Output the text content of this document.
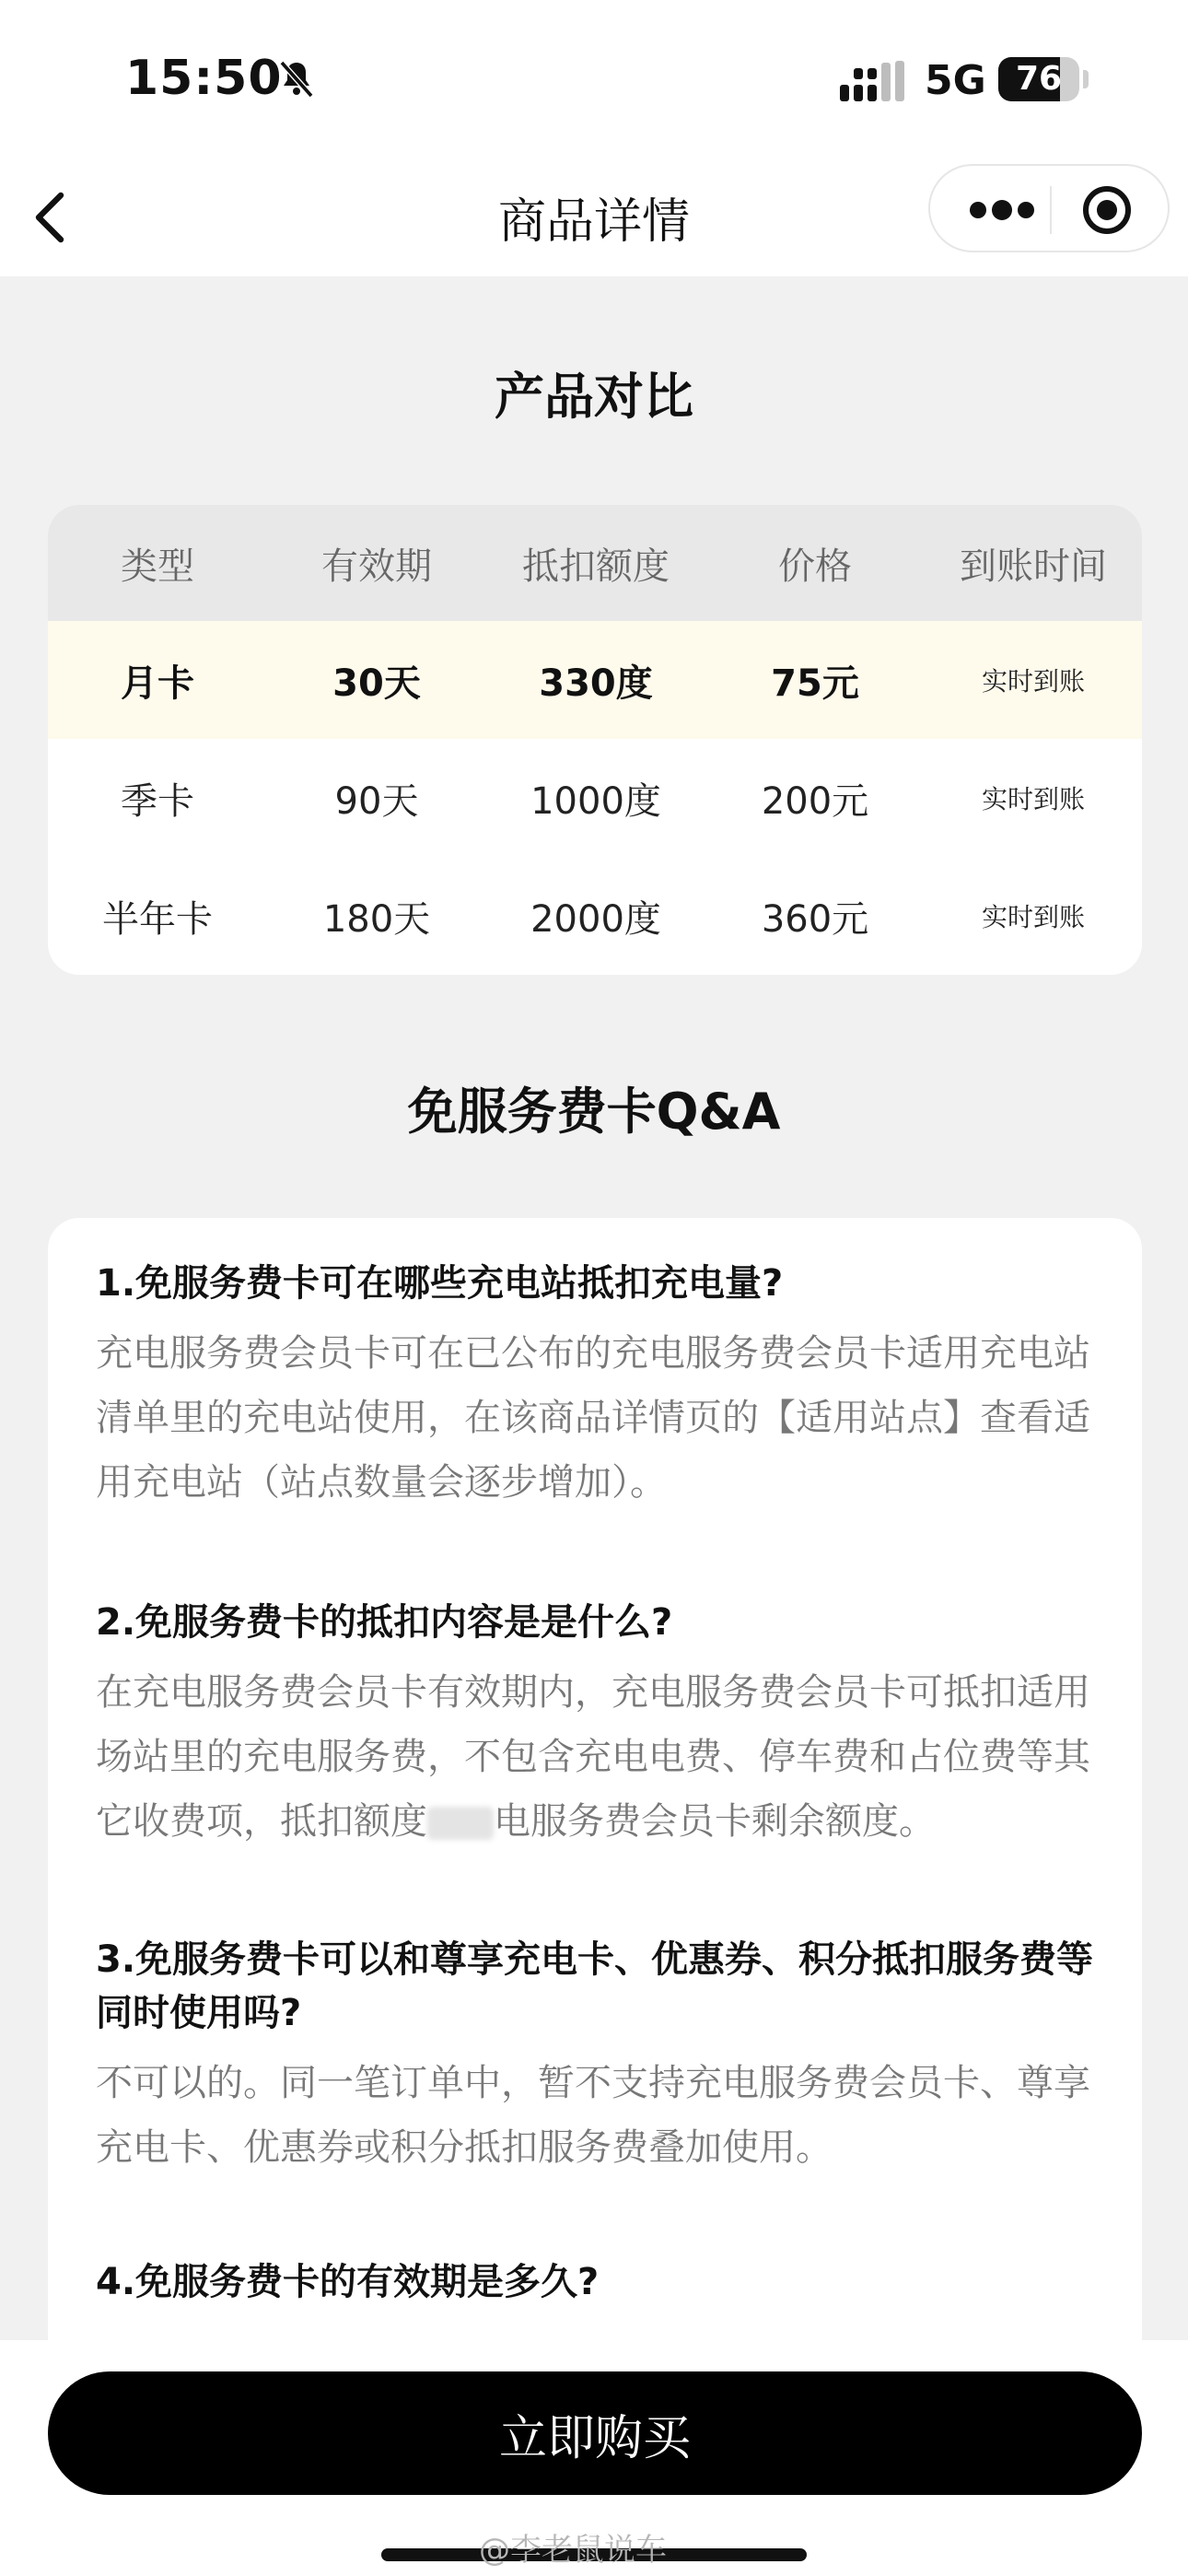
15:50	5G 76
商品详情
产品对比
类型	有效期	抵扣额度	价格	到账时间
月卡	30天	330度	75元	实时到账
季卡	90天	1000度	200元	实时到账
半年卡	180天	2000度	360元	实时到账
免服务费卡Q&A
1.免服务费卡可在哪些充电站抵扣充电量?
充电服务费会员卡可在已公布的充电服务费会员卡适用充电站清单里的充电站使用，在该商品详情页的【适用站点】查看适用充电站（站点数量会逐步增加）。
2.免服务费卡的抵扣内容是是什么?
在充电服务费会员卡有效期内，充电服务费会员卡可抵扣适用场站里的充电服务费，不包含充电电费、停车费和占位费等其它收费项，抵扣额度 电服务费会员卡剩余额度。
3.免服务费卡可以和尊享充电卡、优惠券、积分抵扣服务费等同时使用吗?
不可以的。同一笔订单中，暂不支持充电服务费会员卡、尊享充电卡、优惠券或积分抵扣服务费叠加使用。
4.免服务费卡的有效期是多久?
立即购买
@李老鼠说车
